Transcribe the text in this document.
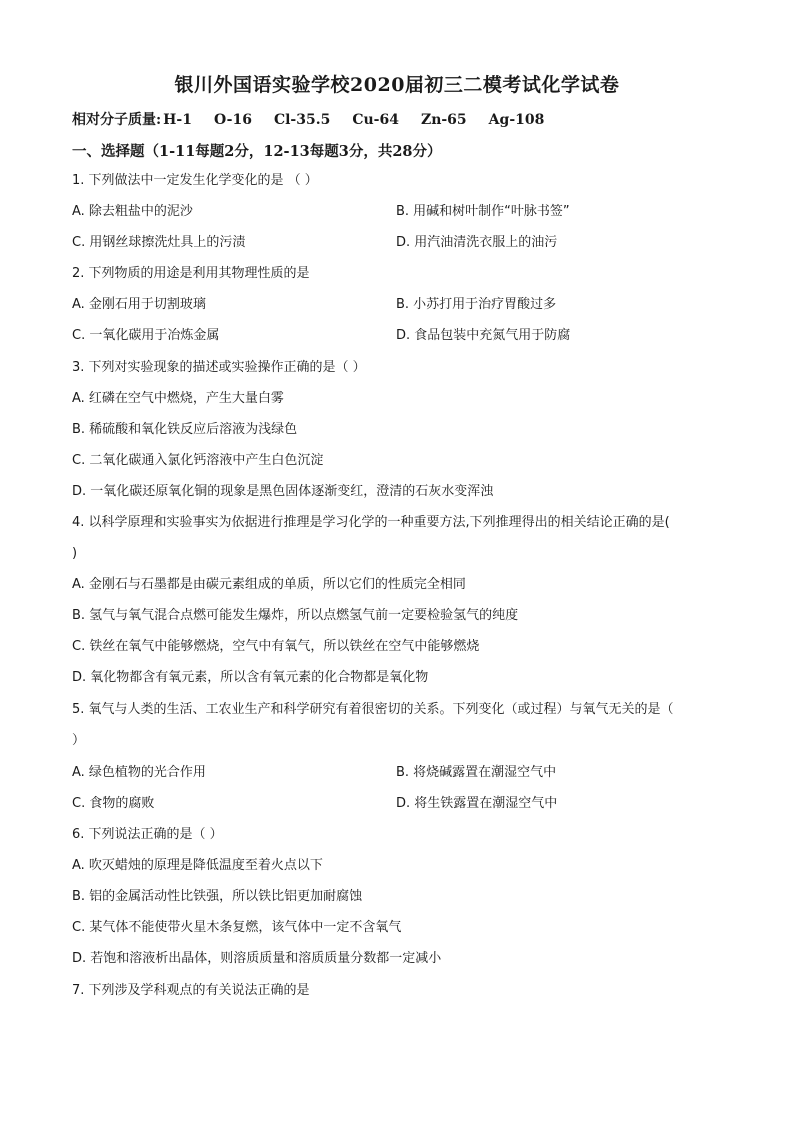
银川外国语实验学校2020届初三二模考试化学试卷
相对分子质量: H-1 O-16 Cl-35.5 Cu-64 Zn-65 Ag-108
一、选择题（1-11每题2分，12-13每题3分，共28分）
1. 下列做法中一定发生化学变化的是 （ ）
A. 除去粗盐中的泥沙	B. 用碱和树叶制作“叶脉书签”
C. 用钢丝球擦洗灶具上的污渍	D. 用汽油清洗衣服上的油污
2. 下列物质的用途是利用其物理性质的是
A. 金刚石用于切割玻璃	B. 小苏打用于治疗胃酸过多
C. 一氧化碳用于冶炼金属	D. 食品包装中充氮气用于防腐
3. 下列对实验现象的描述或实验操作正确的是（ ）
A. 红磷在空气中燃烧，产生大量白雾
B. 稀硫酸和氧化铁反应后溶液为浅绿色
C. 二氧化碳通入氯化钙溶液中产生白色沉淀
D. 一氧化碳还原氧化铜的现象是黑色固体逐渐变红，澄清的石灰水变浑浊
4. 以科学原理和实验事实为依据进行推理是学习化学的一种重要方法,下列推理得出的相关结论正确的是(
)
A. 金刚石与石墨都是由碳元素组成的单质，所以它们的性质完全相同
B. 氢气与氧气混合点燃可能发生爆炸，所以点燃氢气前一定要检验氢气的纯度
C. 铁丝在氧气中能够燃烧，空气中有氧气，所以铁丝在空气中能够燃烧
D. 氧化物都含有氧元素，所以含有氧元素的化合物都是氧化物
5. 氧气与人类的生活、工农业生产和科学研究有着很密切的关系。下列变化（或过程）与氧气无关的是（
）
A. 绿色植物的光合作用	B. 将烧碱露置在潮湿空气中
C. 食物的腐败	D. 将生铁露置在潮湿空气中
6. 下列说法正确的是（ ）
A. 吹灭蜡烛的原理是降低温度至着火点以下
B. 铝的金属活动性比铁强，所以铁比铝更加耐腐蚀
C. 某气体不能使带火星木条复燃，该气体中一定不含氧气
D. 若饱和溶液析出晶体，则溶质质量和溶质质量分数都一定减小
7. 下列涉及学科观点的有关说法正确的是
